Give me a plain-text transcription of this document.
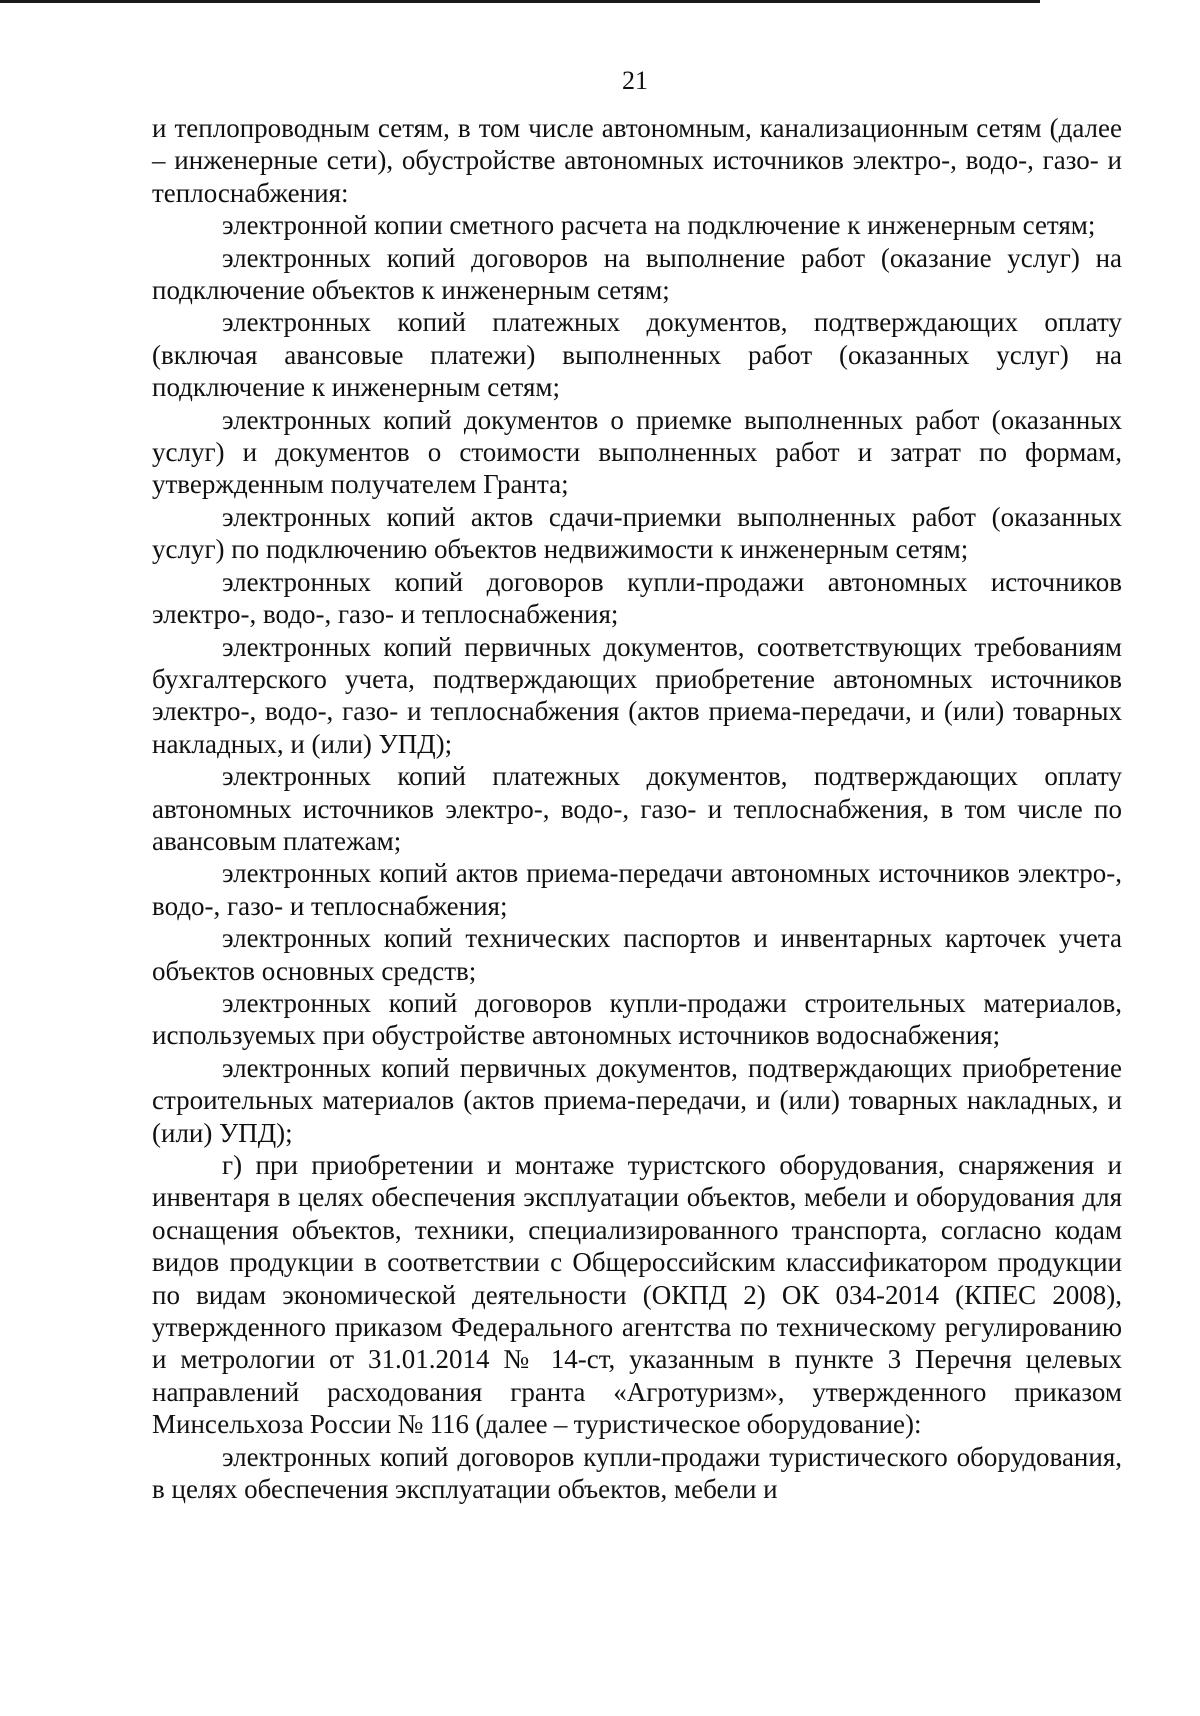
21

и теплопроводным сетям, в том числе автономным, канализационным сетям (далее – инженерные сети), обустройстве автономных источников электро-, водо-, газо- и теплоснабжения:

электронной копии сметного расчета на подключение к инженерным сетям;

электронных копий договоров на выполнение работ (оказание услуг) на подключение объектов к инженерным сетям;

электронных копий платежных документов, подтверждающих оплату (включая авансовые платежи) выполненных работ (оказанных услуг) на подключение к инженерным сетям;

электронных копий документов о приемке выполненных работ (оказанных услуг) и документов о стоимости выполненных работ и затрат по формам, утвержденным получателем Гранта;

электронных копий актов сдачи-приемки выполненных работ (оказанных услуг) по подключению объектов недвижимости к инженерным сетям;

электронных копий договоров купли-продажи автономных источников электро-, водо-, газо- и теплоснабжения;

электронных копий первичных документов, соответствующих требованиям бухгалтерского учета, подтверждающих приобретение автономных источников электро-, водо-, газо- и теплоснабжения (актов приема-передачи, и (или) товарных накладных, и (или) УПД);

электронных копий платежных документов, подтверждающих оплату автономных источников электро-, водо-, газо- и теплоснабжения, в том числе по авансовым платежам;

электронных копий актов приема-передачи автономных источников электро-, водо-, газо- и теплоснабжения;

электронных копий технических паспортов и инвентарных карточек учета объектов основных средств;

электронных копий договоров купли-продажи строительных материалов, используемых при обустройстве автономных источников водоснабжения;

электронных копий первичных документов, подтверждающих приобретение строительных материалов (актов приема-передачи, и (или) товарных накладных, и (или) УПД);

г) при приобретении и монтаже туристского оборудования, снаряжения и инвентаря в целях обеспечения эксплуатации объектов, мебели и оборудования для оснащения объектов, техники, специализированного транспорта, согласно кодам видов продукции в соответствии с Общероссийским классификатором продукции по видам экономической деятельности (ОКПД 2) ОК 034-2014 (КПЕС 2008), утвержденного приказом Федерального агентства по техническому регулированию и метрологии от 31.01.2014 № 14-ст, указанным в пункте 3 Перечня целевых направлений расходования гранта «Агротуризм», утвержденного приказом Минсельхоза России № 116 (далее – туристическое оборудование):

электронных копий договоров купли-продажи туристического оборудования, в целях обеспечения эксплуатации объектов, мебели и
